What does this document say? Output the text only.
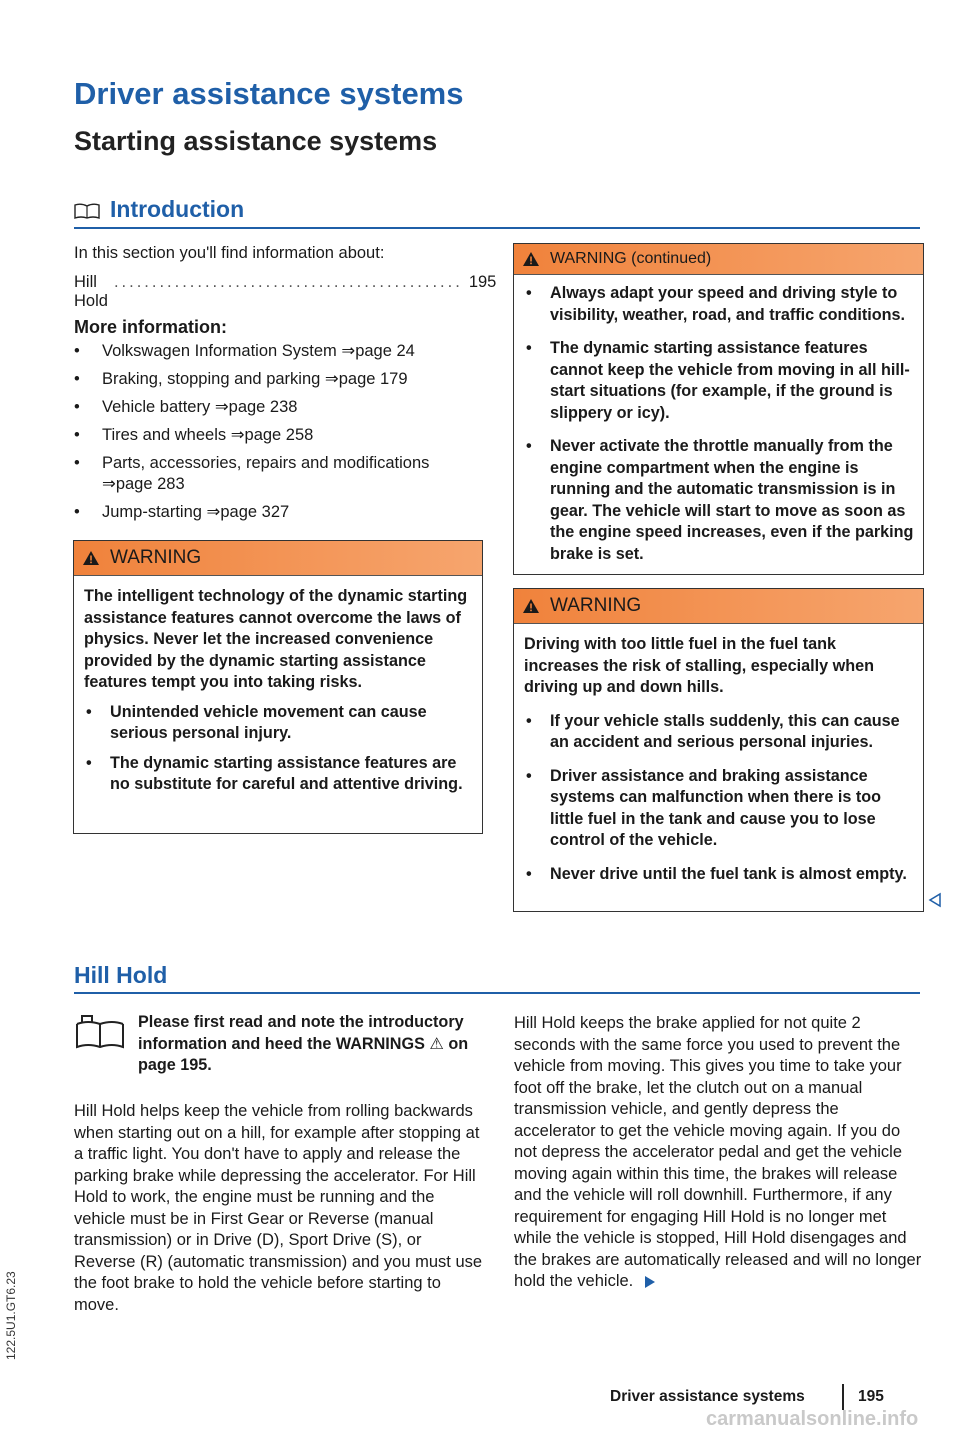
Driver assistance systems
Starting assistance systems
Introduction

In this section you'll find information about:

Hill Hold
.............................................. 195
More information:
• Volkswagen Information System ⇒page 24
• Braking, stopping and parking ⇒page 179
• Vehicle battery ⇒page 238
• Tires and wheels ⇒page 258
• Parts, accessories, repairs and modifications ⇒page 283
• Jump-starting ⇒page 327
WARNING

The intelligent technology of the dynamic starting assistance features cannot overcome the laws of physics. Never let the increased convenience provided by the dynamic starting assistance features tempt you into taking risks.

• Unintended vehicle movement can cause serious personal injury.
• The dynamic starting assistance features are no substitute for careful and attentive driving.
WARNING (continued)
• Always adapt your speed and driving style to visibility, weather, road, and traffic conditions.
• The dynamic starting assistance features cannot keep the vehicle from moving in all hill-start situations (for example, if the ground is slippery or icy).
• Never activate the throttle manually from the engine compartment when the engine is running and the automatic transmission is in gear. The vehicle will start to move as soon as the engine speed increases, even if the parking brake is set.
WARNING

Driving with too little fuel in the fuel tank increases the risk of stalling, especially when driving up and down hills.

• If your vehicle stalls suddenly, this can cause an accident and serious personal injuries.
• Driver assistance and braking assistance systems can malfunction when there is too little fuel in the tank and cause you to lose control of the vehicle.
• Never drive until the fuel tank is almost empty.
Hill Hold
Please first read and note the introductory information and heed the WARNINGS ⚠ on page 195.

Hill Hold helps keep the vehicle from rolling backwards when starting out on a hill, for example after stopping at a traffic light. You don't have to apply and release the parking brake while depressing the accelerator. For Hill Hold to work, the engine must be running and the vehicle must be in First Gear or Reverse (manual transmission) or in Drive (D), Sport Drive (S), or Reverse (R) (automatic transmission) and you must use the foot brake to hold the vehicle before starting to move.

Hill Hold keeps the brake applied for not quite 2 seconds with the same force you used to prevent the vehicle from moving. This gives you time to take your foot off the brake, let the clutch out on a manual transmission vehicle, and gently depress the accelerator to get the vehicle moving again. If you do not depress the accelerator pedal and get the vehicle moving again within this time, the brakes will release and the vehicle will roll downhill. Furthermore, if any requirement for engaging Hill Hold is no longer met while the vehicle is stopped, Hill Hold disengages and the brakes are automatically released and will no longer hold the vehicle.

Driver assistance systems	195
122.5U1.GT6.23
carmanualsonline.info
